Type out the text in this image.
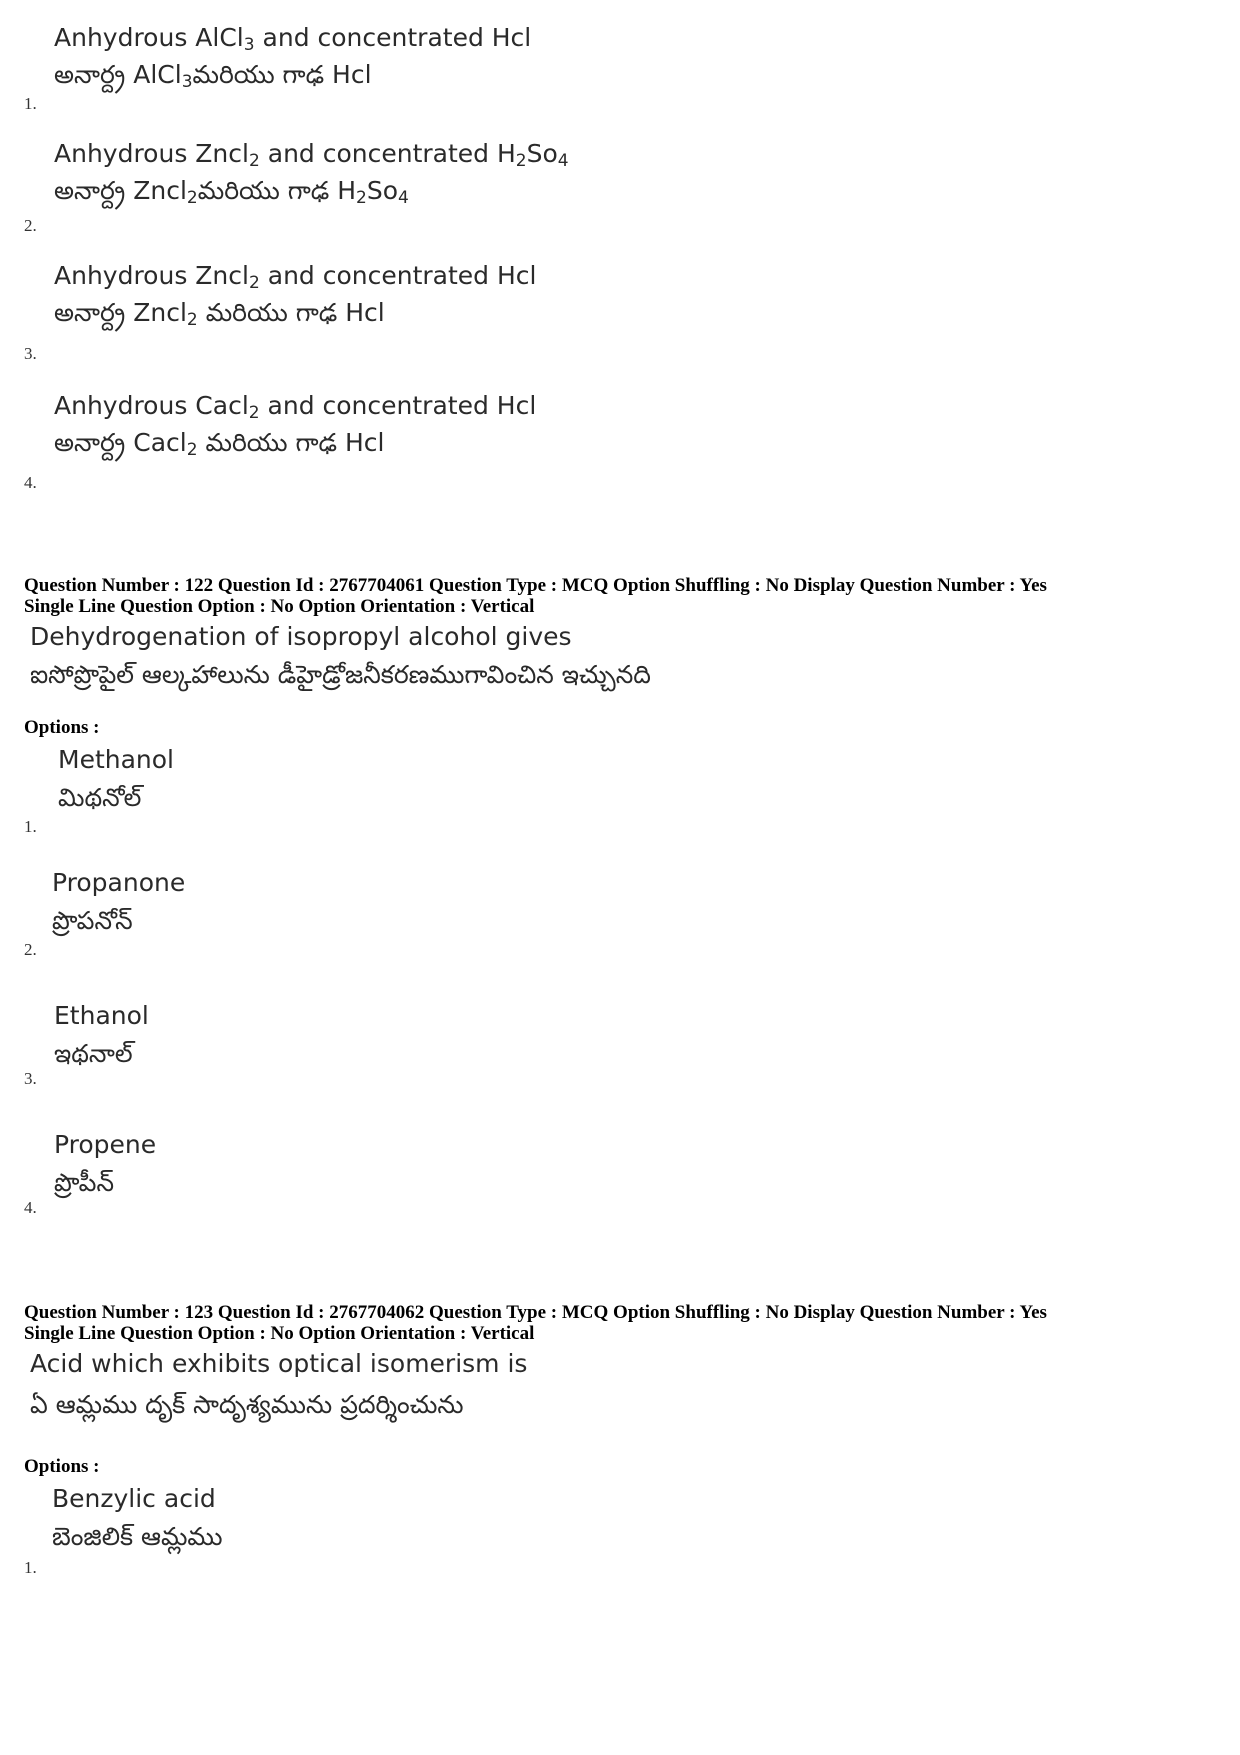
Anhydrous AlCl$_3$ and concentrated Hcl
అనార్ద్ర AlCl$_3$మరియు గాఢ Hcl
1.
Anhydrous Zncl$_2$ and concentrated $H_2So_4$
అనార్ద్ర Zncl$_2$మరియు గాఢ $H_2So_4$
2.
Anhydrous Zncl$_2$ and concentrated Hcl
అనార్ద్ర Zncl$_2$ మరియు గాఢ Hcl
3.
Anhydrous Cacl$_2$ and concentrated Hcl
అనార్ద్ర Cacl$_2$ మరియు గాఢ Hcl
4.
Question Number : 122 Question Id : 2767704061 Question Type : MCQ Option Shuffling : No Display Question Number : Yes
Single Line Question Option : No Option Orientation : Vertical
Dehydrogenation of isopropyl alcohol gives
ఐసోప్రొపైల్ ఆల్కహాలును డీహైడ్రోజనీకరణముగావించిన ఇచ్చునది
Options :
Methanol
మిథనోల్
1.
Propanone
ప్రొపనోన్
2.
Ethanol
ఇథనాల్
3.
Propene
ప్రొపీన్
4.
Question Number : 123 Question Id : 2767704062 Question Type : MCQ Option Shuffling : No Display Question Number : Yes
Single Line Question Option : No Option Orientation : Vertical
Acid which exhibits optical isomerism is
ఏ ఆమ్లము దృక్ సాదృశ్యమును ప్రదర్శించును
Options :
Benzylic acid
బెంజిలిక్ ఆమ్లము
1.
